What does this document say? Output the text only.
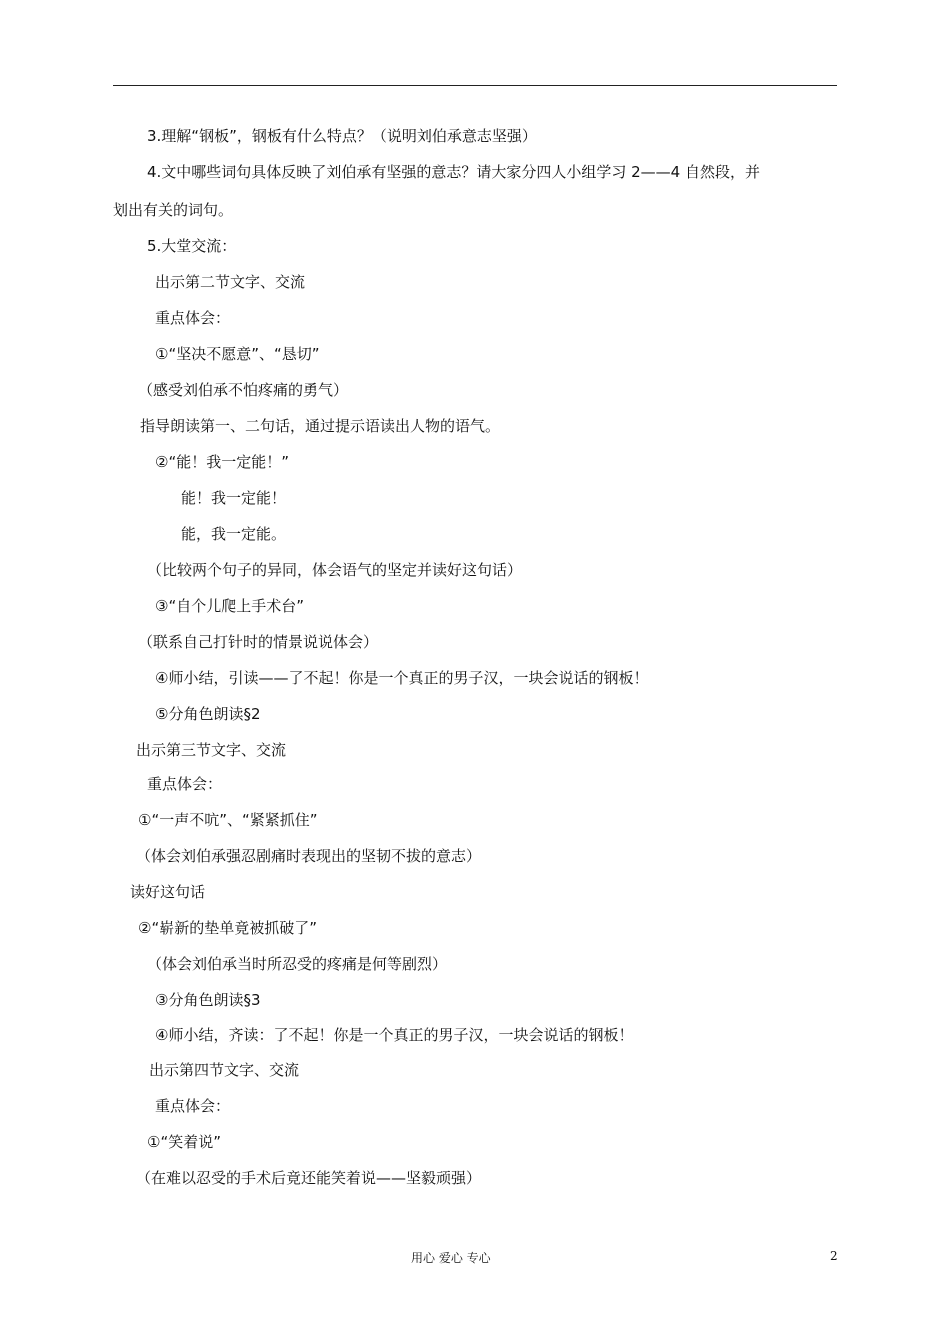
3.理解“钢板”，钢板有什么特点？（说明刘伯承意志坚强）
4.文中哪些词句具体反映了刘伯承有坚强的意志？请大家分四人小组学习 2——4 自然段，并
划出有关的词句。
5.大堂交流：
出示第二节文字、交流
重点体会：
①“坚决不愿意”、“恳切”
（感受刘伯承不怕疼痛的勇气）
指导朗读第一、二句话，通过提示语读出人物的语气。
②“能！我一定能！”
能！我一定能！
能，我一定能。
（比较两个句子的异同，体会语气的坚定并读好这句话）
③“自个儿爬上手术台”
（联系自己打针时的情景说说体会）
④师小结，引读——了不起！你是一个真正的男子汉，一块会说话的钢板！
⑤分角色朗读§2
出示第三节文字、交流
重点体会：
①“一声不吭”、“紧紧抓住”
（体会刘伯承强忍剧痛时表现出的坚韧不拔的意志）
读好这句话
②“崭新的垫单竟被抓破了”
（体会刘伯承当时所忍受的疼痛是何等剧烈）
③分角色朗读§3
④师小结，齐读：了不起！你是一个真正的男子汉，一块会说话的钢板！
出示第四节文字、交流
重点体会：
①“笑着说”
（在难以忍受的手术后竟还能笑着说——坚毅顽强）
用心 爱心 专心	2
